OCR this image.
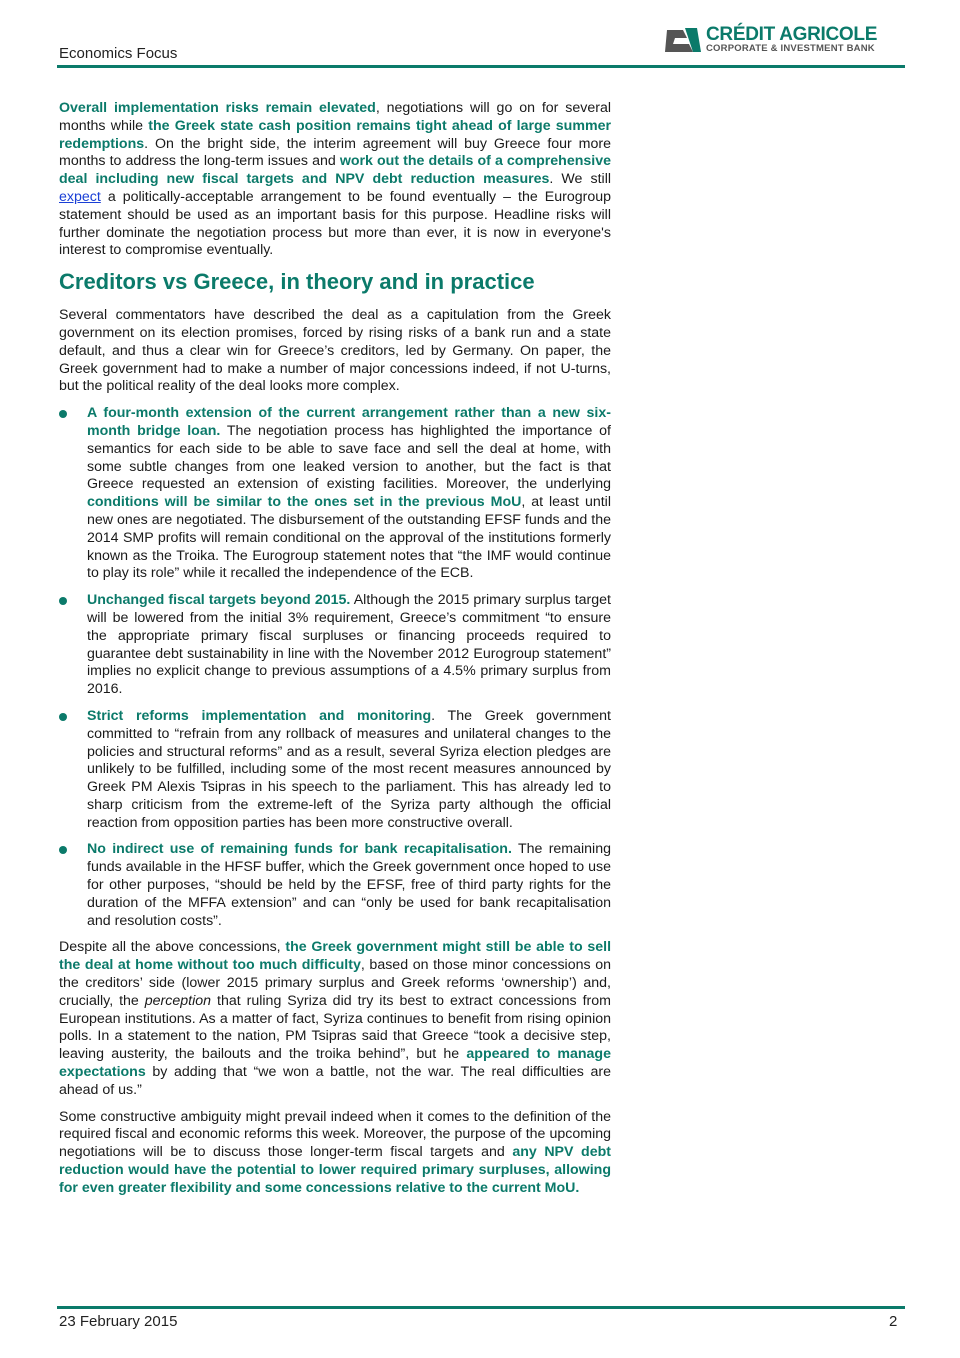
Economics Focus
CRÉDIT AGRICOLE
CORPORATE & INVESTMENT BANK

Overall implementation risks remain elevated, negotiations will go on for several months while the Greek state cash position remains tight ahead of large summer redemptions. On the bright side, the interim agreement will buy Greece four more months to address the long-term issues and work out the details of a comprehensive deal including new fiscal targets and NPV debt reduction measures. We still expect a politically-acceptable arrangement to be found eventually – the Eurogroup statement should be used as an important basis for this purpose. Headline risks will further dominate the negotiation process but more than ever, it is now in everyone's interest to compromise eventually.

Creditors vs Greece, in theory and in practice

Several commentators have described the deal as a capitulation from the Greek government on its election promises, forced by rising risks of a bank run and a state default, and thus a clear win for Greece’s creditors, led by Germany. On paper, the Greek government had to make a number of major concessions indeed, if not U-turns, but the political reality of the deal looks more complex.

A four-month extension of the current arrangement rather than a new six-month bridge loan. The negotiation process has highlighted the importance of semantics for each side to be able to save face and sell the deal at home, with some subtle changes from one leaked version to another, but the fact is that Greece requested an extension of existing facilities. Moreover, the underlying conditions will be similar to the ones set in the previous MoU, at least until new ones are negotiated. The disbursement of the outstanding EFSF funds and the 2014 SMP profits will remain conditional on the approval of the institutions formerly known as the Troika. The Eurogroup statement notes that “the IMF would continue to play its role” while it recalled the independence of the ECB.
Unchanged fiscal targets beyond 2015. Although the 2015 primary surplus target will be lowered from the initial 3% requirement, Greece’s commitment “to ensure the appropriate primary fiscal surpluses or financing proceeds required to guarantee debt sustainability in line with the November 2012 Eurogroup statement” implies no explicit change to previous assumptions of a 4.5% primary surplus from 2016.
Strict reforms implementation and monitoring. The Greek government committed to “refrain from any rollback of measures and unilateral changes to the policies and structural reforms” and as a result, several Syriza election pledges are unlikely to be fulfilled, including some of the most recent measures announced by Greek PM Alexis Tsipras in his speech to the parliament. This has already led to sharp criticism from the extreme-left of the Syriza party although the official reaction from opposition parties has been more constructive overall.
No indirect use of remaining funds for bank recapitalisation. The remaining funds available in the HFSF buffer, which the Greek government once hoped to use for other purposes, “should be held by the EFSF, free of third party rights for the duration of the MFFA extension” and can “only be used for bank recapitalisation and resolution costs”.

Despite all the above concessions, the Greek government might still be able to sell the deal at home without too much difficulty, based on those minor concessions on the creditors’ side (lower 2015 primary surplus and Greek reforms ‘ownership’) and, crucially, the perception that ruling Syriza did try its best to extract concessions from European institutions. As a matter of fact, Syriza continues to benefit from rising opinion polls. In a statement to the nation, PM Tsipras said that Greece “took a decisive step, leaving austerity, the bailouts and the troika behind”, but he appeared to manage expectations by adding that “we won a battle, not the war. The real difficulties are ahead of us.”

Some constructive ambiguity might prevail indeed when it comes to the definition of the required fiscal and economic reforms this week. Moreover, the purpose of the upcoming negotiations will be to discuss those longer-term fiscal targets and any NPV debt reduction would have the potential to lower required primary surpluses, allowing for even greater flexibility and some concessions relative to the current MoU.

23 February 2015	2
